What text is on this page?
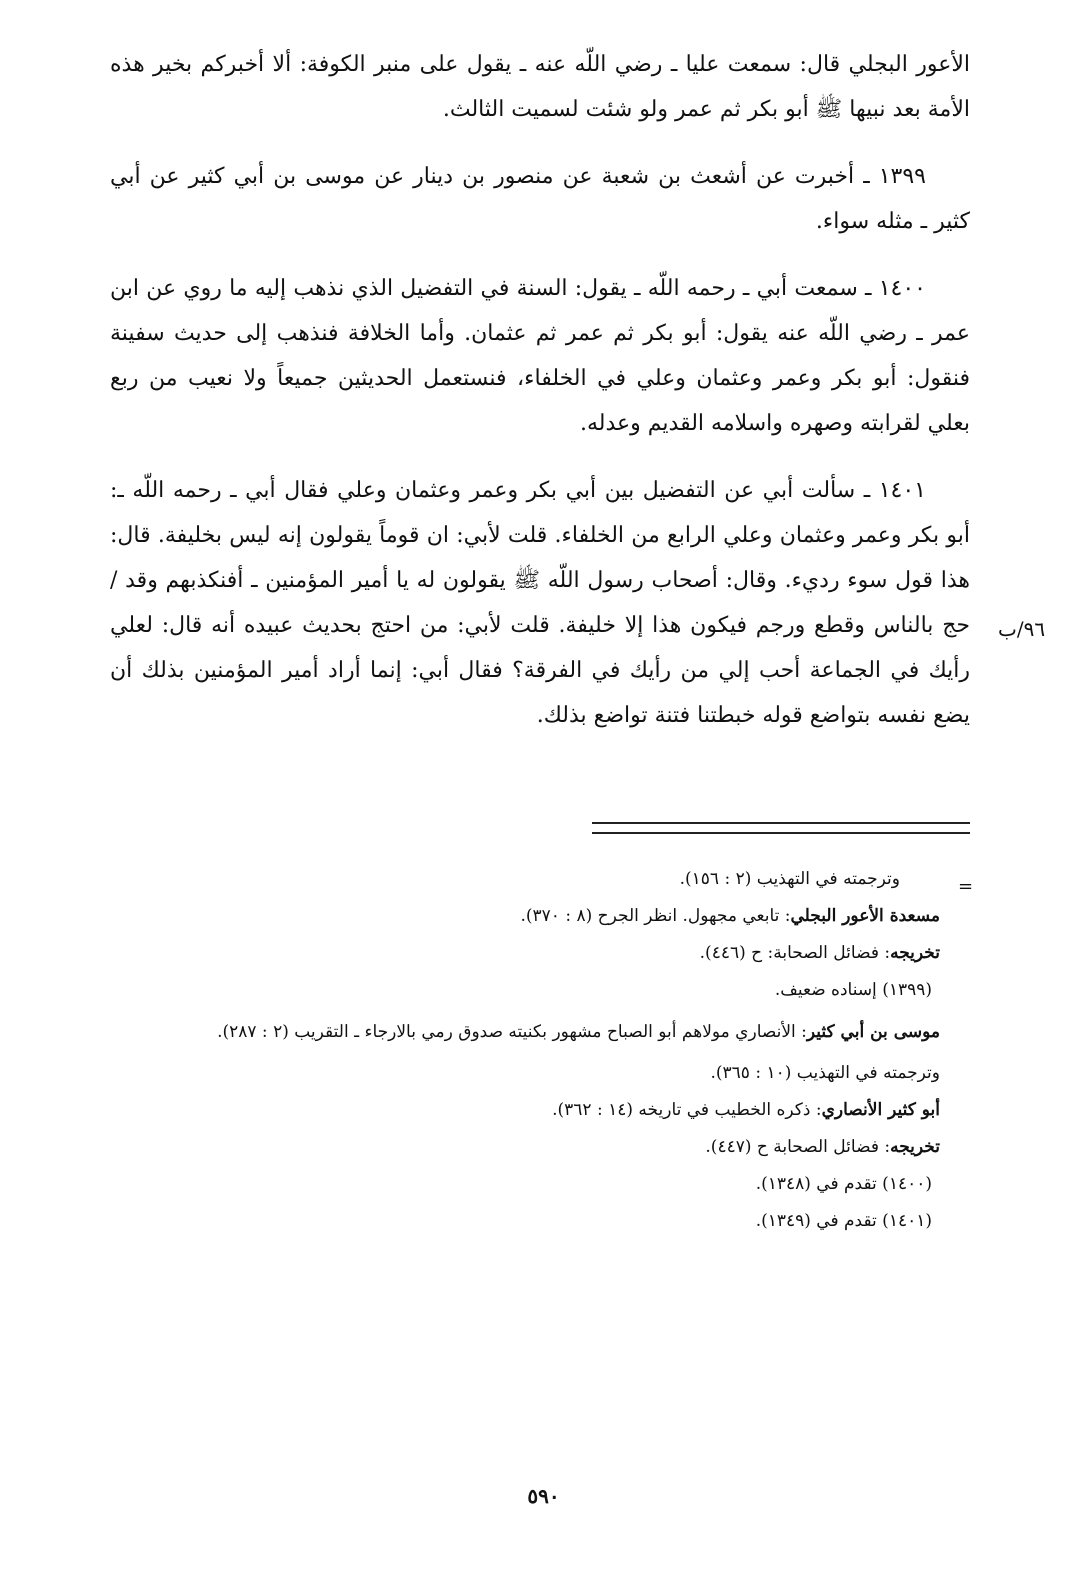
الأعور البجلي قال: سمعت عليا ـ رضي اللّه عنه ـ يقول على منبر الكوفة: ألا أخبركم بخير هذه الأمة بعد نبيها ﷺ أبو بكر ثم عمر ولو شئت لسميت الثالث.

١٣٩٩ ـ أخبرت عن أشعث بن شعبة عن منصور بن دينار عن موسى بن أبي كثير عن أبي كثير ـ مثله سواء.

١٤٠٠ ـ سمعت أبي ـ رحمه اللّه ـ يقول: السنة في التفضيل الذي نذهب إليه ما روي عن ابن عمر ـ رضي اللّه عنه يقول: أبو بكر ثم عمر ثم عثمان. وأما الخلافة فنذهب إلى حديث سفينة فنقول: أبو بكر وعمر وعثمان وعلي في الخلفاء، فنستعمل الحديثين جميعاً ولا نعيب من ربع بعلي لقرابته وصهره واسلامه القديم وعدله.

١٤٠١ ـ سألت أبي عن التفضيل بين أبي بكر وعمر وعثمان وعلي فقال أبي ـ رحمه اللّه ـ: أبو بكر وعمر وعثمان وعلي الرابع من الخلفاء. قلت لأبي: ان قوماً يقولون إنه ليس بخليفة. قال: هذا قول سوء رديء. وقال: أصحاب رسول اللّه ﷺ يقولون له يا أمير المؤمنين ـ أفنكذبهم وقد / حج بالناس وقطع ورجم فيكون هذا إلا خليفة. قلت لأبي: من احتج بحديث عبيده أنه قال: لعلي رأيك في الجماعة أحب إلي من رأيك في الفرقة؟ فقال أبي: إنما أراد أمير المؤمنين بذلك أن يضع نفسه بتواضع قوله خبطتنا فتنة تواضع بذلك.

٩٦/ب
=
وترجمته في التهذيب (٢ : ١٥٦).
مسعدة الأعور البجلي: تابعي مجهول. انظر الجرح (٨ : ٣٧٠).
تخريجه: فضائل الصحابة: ح (٤٤٦).
(١٣٩٩) إسناده ضعيف.
موسى بن أبي كثير: الأنصاري مولاهم أبو الصباح مشهور بكنيته صدوق رمي بالارجاء ـ التقريب (٢ : ٢٨٧).
وترجمته في التهذيب (١٠ : ٣٦٥).
أبو كثير الأنصاري: ذكره الخطيب في تاريخه (١٤ : ٣٦٢).
تخريجه: فضائل الصحابة ح (٤٤٧).
(١٤٠٠) تقدم في (١٣٤٨).
(١٤٠١) تقدم في (١٣٤٩).
٥٩٠
